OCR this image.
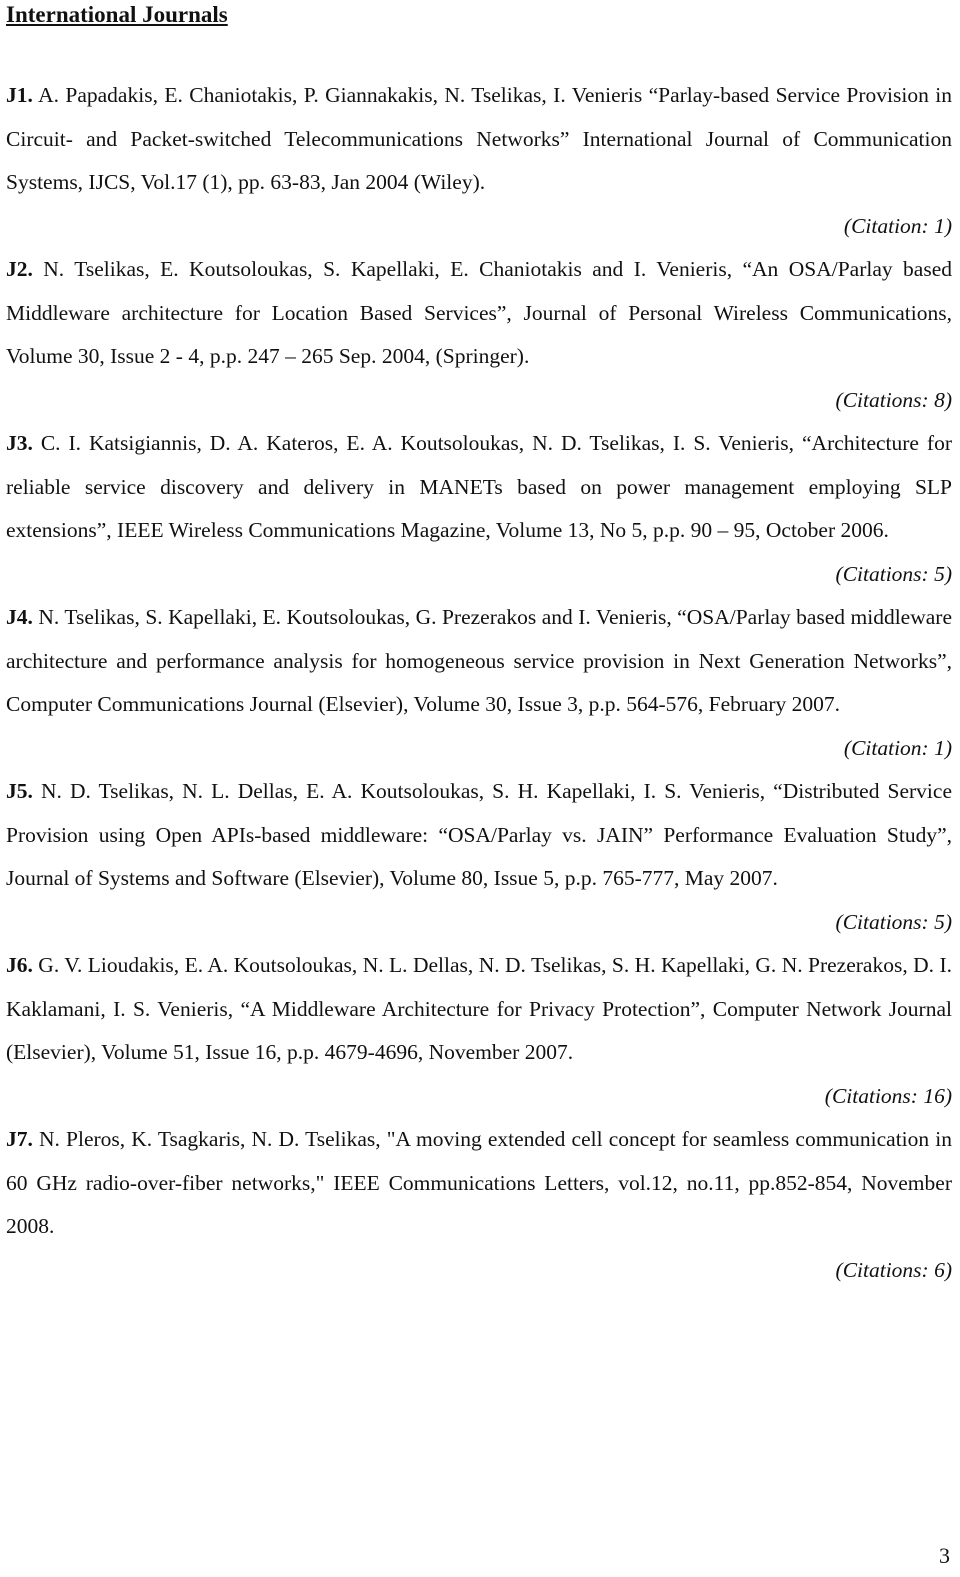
International Journals

J1. A. Papadakis, E. Chaniotakis, P. Giannakakis, N. Tselikas, I. Venieris “Parlay-based Service Provision in Circuit- and Packet-switched Telecommunications Networks” International Journal of Communication Systems, IJCS, Vol.17 (1), pp. 63-83, Jan 2004 (Wiley).

(Citation: 1)

J2. N. Tselikas, E. Koutsoloukas, S. Kapellaki, E. Chaniotakis and I. Venieris, “An OSA/Parlay based Middleware architecture for Location Based Services”, Journal of Personal Wireless Communications, Volume 30, Issue 2 - 4, p.p. 247 – 265 Sep. 2004, (Springer).

(Citations: 8)

J3. C. I. Katsigiannis, D. A. Kateros, E. A. Koutsoloukas, N. D. Tselikas, I. S. Venieris, “Architecture for reliable service discovery and delivery in MANETs based on power management employing SLP extensions”, IEEE Wireless Communications Magazine, Volume 13, No 5, p.p. 90 – 95, October 2006.

(Citations: 5)

J4. N. Tselikas, S. Kapellaki, E. Koutsoloukas, G. Prezerakos and I. Venieris, “OSA/Parlay based middleware architecture and performance analysis for homogeneous service provision in Next Generation Networks”, Computer Communications Journal (Elsevier), Volume 30, Issue 3, p.p. 564-576, February 2007.

(Citation: 1)

J5. N. D. Tselikas, N. L. Dellas, E. A. Koutsoloukas, S. H. Kapellaki, I. S. Venieris, “Distributed Service Provision using Open APIs-based middleware: “OSA/Parlay vs. JAIN” Performance Evaluation Study”, Journal of Systems and Software (Elsevier), Volume 80, Issue 5, p.p. 765-777, May 2007.

(Citations: 5)

J6. G. V. Lioudakis, E. A. Koutsoloukas, N. L. Dellas, N. D. Tselikas, S. H. Kapellaki, G. N. Prezerakos, D. I. Kaklamani, I. S. Venieris, “A Middleware Architecture for Privacy Protection”, Computer Network Journal (Elsevier), Volume 51, Issue 16, p.p. 4679-4696, November 2007.

(Citations: 16)

J7. N. Pleros, K. Tsagkaris, N. D. Tselikas, "A moving extended cell concept for seamless communication in 60 GHz radio-over-fiber networks," IEEE Communications Letters, vol.12, no.11, pp.852-854, November 2008.

(Citations: 6)

3
